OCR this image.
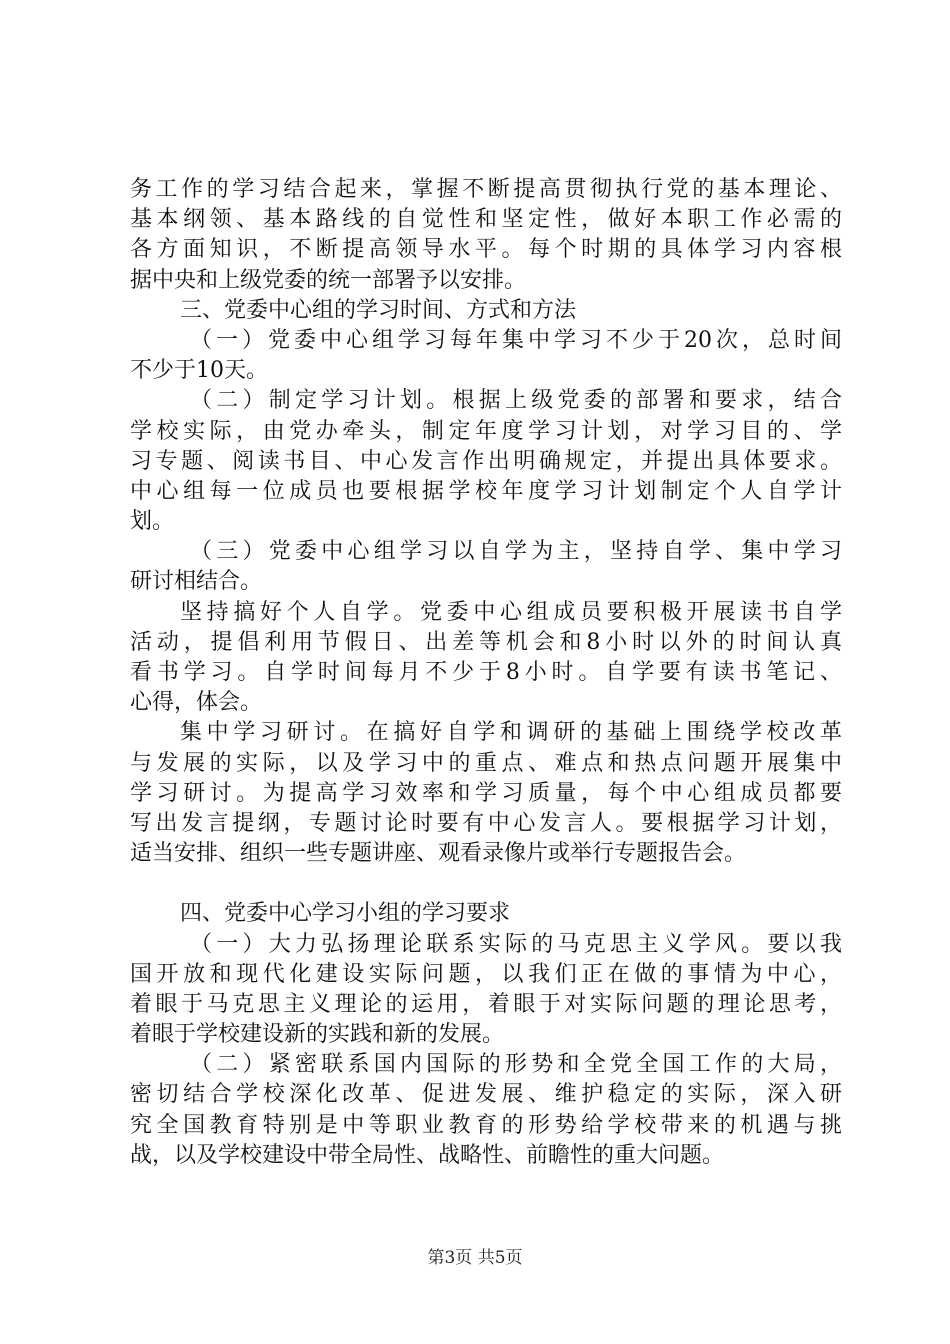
务工作的学习结合起来，掌握不断提高贯彻执行党的基本理论、
基本纲领、基本路线的自觉性和坚定性，做好本职工作必需的
各方面知识，不断提高领导水平。每个时期的具体学习内容根
据中央和上级党委的统一部署予以安排。
三、党委中心组的学习时间、方式和方法
（一）党委中心组学习每年集中学习不少于20次，总时间
不少于10天。
（二）制定学习计划。根据上级党委的部署和要求，结合
学校实际，由党办牵头，制定年度学习计划，对学习目的、学
习专题、阅读书目、中心发言作出明确规定，并提出具体要求。
中心组每一位成员也要根据学校年度学习计划制定个人自学计
划。
（三）党委中心组学习以自学为主，坚持自学、集中学习
研讨相结合。
坚持搞好个人自学。党委中心组成员要积极开展读书自学
活动，提倡利用节假日、出差等机会和8小时以外的时间认真
看书学习。自学时间每月不少于8小时。自学要有读书笔记、
心得，体会。
集中学习研讨。在搞好自学和调研的基础上围绕学校改革
与发展的实际，以及学习中的重点、难点和热点问题开展集中
学习研讨。为提高学习效率和学习质量，每个中心组成员都要
写出发言提纲，专题讨论时要有中心发言人。要根据学习计划，
适当安排、组织一些专题讲座、观看录像片或举行专题报告会。
四、党委中心学习小组的学习要求
（一）大力弘扬理论联系实际的马克思主义学风。要以我
国开放和现代化建设实际问题，以我们正在做的事情为中心，
着眼于马克思主义理论的运用，着眼于对实际问题的理论思考，
着眼于学校建设新的实践和新的发展。
（二）紧密联系国内国际的形势和全党全国工作的大局，
密切结合学校深化改革、促进发展、维护稳定的实际，深入研
究全国教育特别是中等职业教育的形势给学校带来的机遇与挑
战，以及学校建设中带全局性、战略性、前瞻性的重大问题。
第3页 共5页
